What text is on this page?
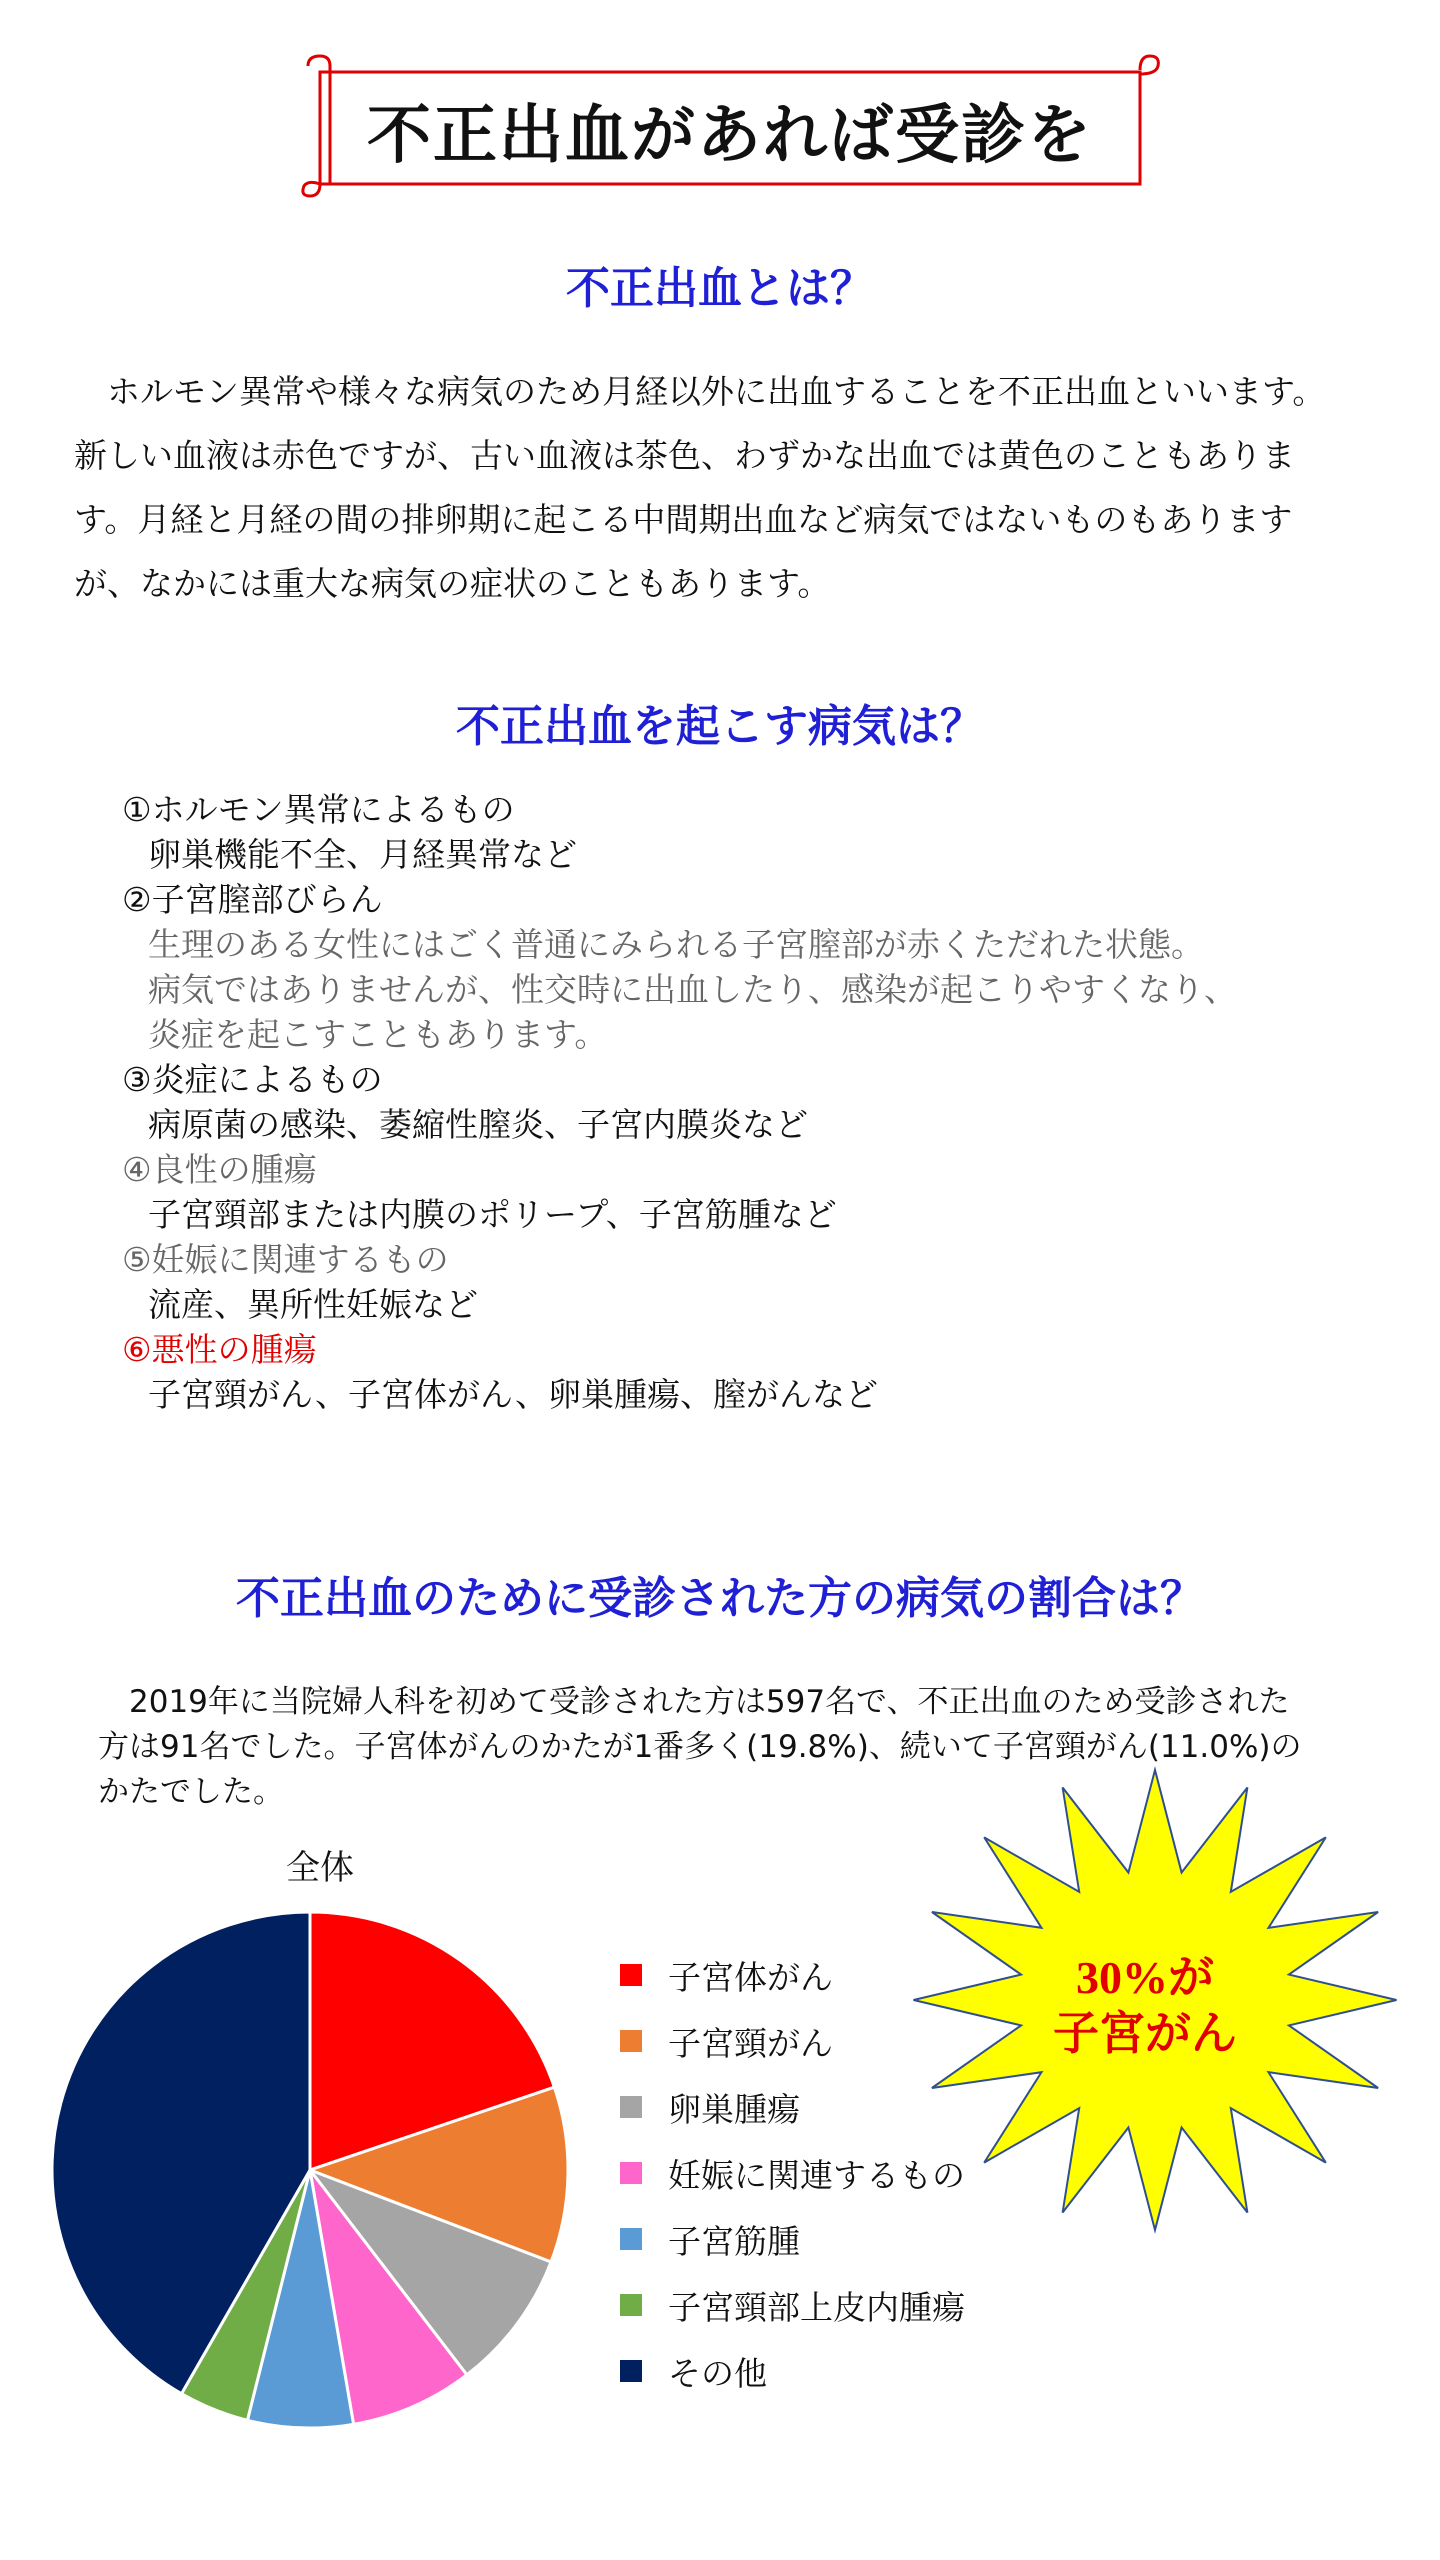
不正出血があれば受診を
不正出血とは？
　ホルモン異常や様々な病気のため月経以外に出血することを不正出血といいます。
新しい血液は赤色ですが、古い血液は茶色、わずかな出血では黄色のこともありま
す。月経と月経の間の排卵期に起こる中間期出血など病気ではないものもあります
が、なかには重大な病気の症状のこともあります。
不正出血を起こす病気は？
①ホルモン異常によるもの
卵巣機能不全、月経異常など
②子宮膣部びらん
生理のある女性にはごく普通にみられる子宮膣部が赤くただれた状態。
病気ではありませんが、性交時に出血したり、感染が起こりやすくなり、
炎症を起こすこともあります。
③炎症によるもの
病原菌の感染、萎縮性膣炎、子宮内膜炎など
④良性の腫瘍
子宮頸部または内膜のポリープ、子宮筋腫など
⑤妊娠に関連するもの
流産、異所性妊娠など
⑥悪性の腫瘍
子宮頸がん、子宮体がん、卵巣腫瘍、膣がんなど
不正出血のために受診された方の病気の割合は？
　2019年に当院婦人科を初めて受診された方は597名で、不正出血のため受診された
方は91名でした。子宮体がんのかたが1番多く(19.8%)、続いて子宮頸がん(11.0%)の
かたでした。
全体
子宮体がん
子宮頸がん
卵巣腫瘍
妊娠に関連するもの
子宮筋腫
子宮頸部上皮内腫瘍
その他
30%が
子宮がん
